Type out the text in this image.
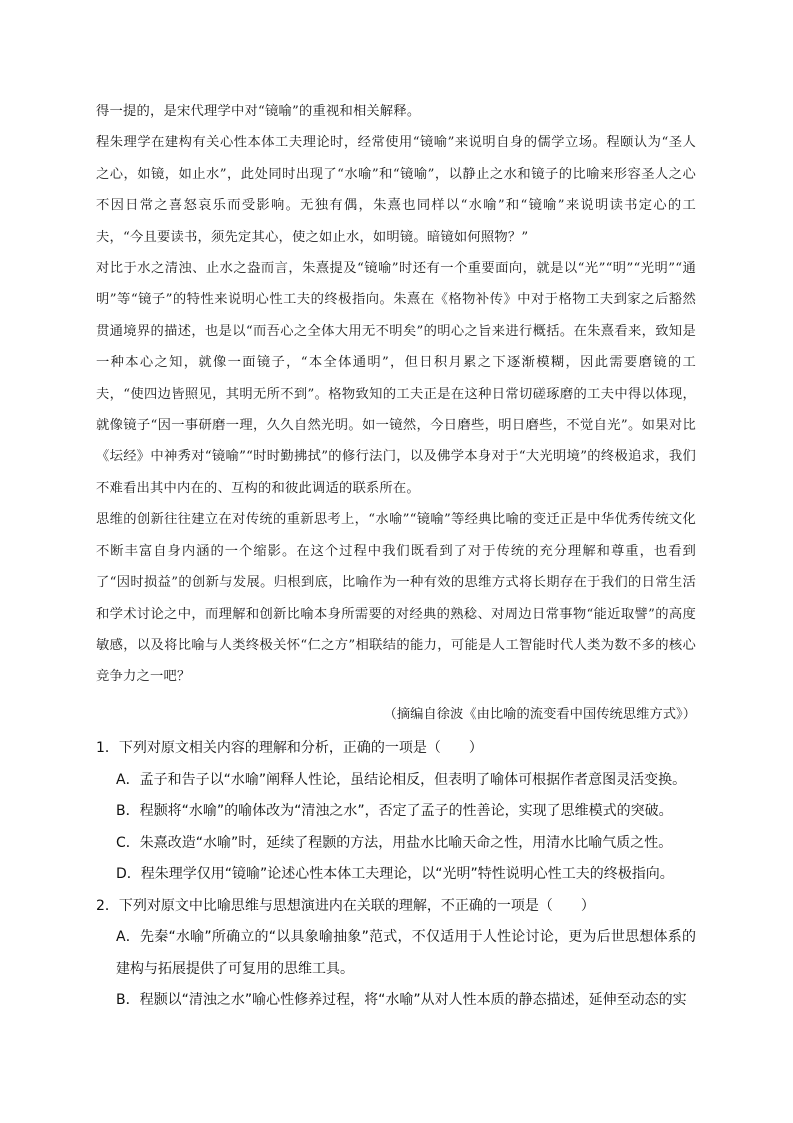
得一提的，是宋代理学中对“镜喻”的重视和相关解释。

程朱理学在建构有关心性本体工夫理论时，经常使用“镜喻”来说明自身的儒学立场。程颐认为“圣人之心，如镜，如止水”，此处同时出现了“水喻”和“镜喻”，以静止之水和镜子的比喻来形容圣人之心不因日常之喜怒哀乐而受影响。无独有偶，朱熹也同样以“水喻”和“镜喻”来说明读书定心的工夫，“今且要读书，须先定其心，使之如止水，如明镜。暗镜如何照物？”

对比于水之清浊、止水之盎而言，朱熹提及“镜喻”时还有一个重要面向，就是以“光”“明”“光明”“通明”等“镜子”的特性来说明心性工夫的终极指向。朱熹在《格物补传》中对于格物工夫到家之后豁然贯通境界的描述，也是以“而吾心之全体大用无不明矣”的明心之旨来进行概括。在朱熹看来，致知是一种本心之知，就像一面镜子，“本全体通明”，但日积月累之下逐渐模糊，因此需要磨镜的工夫，“使四边皆照见，其明无所不到”。格物致知的工夫正是在这种日常切磋琢磨的工夫中得以体现，就像镜子“因一事研磨一理，久久自然光明。如一镜然，今日磨些，明日磨些，不觉自光”。如果对比《坛经》中神秀对“镜喻”“时时勤拂拭”的修行法门，以及佛学本身对于“大光明境”的终极追求，我们不难看出其中内在的、互构的和彼此调适的联系所在。

思维的创新往往建立在对传统的重新思考上，“水喻”“镜喻”等经典比喻的变迁正是中华优秀传统文化不断丰富自身内涵的一个缩影。在这个过程中我们既看到了对于传统的充分理解和尊重，也看到了“因时损益”的创新与发展。归根到底，比喻作为一种有效的思维方式将长期存在于我们的日常生活和学术讨论之中，而理解和创新比喻本身所需要的对经典的熟稔、对周边日常事物“能近取譬”的高度敏感，以及将比喻与人类终极关怀“仁之方”相联结的能力，可能是人工智能时代人类为数不多的核心竞争力之一吧？

（摘编自徐波《由比喻的流变看中国传统思维方式》）
1．下列对原文相关内容的理解和分析，正确的一项是（　　）
A．孟子和告子以“水喻”阐释人性论，虽结论相反，但表明了喻体可根据作者意图灵活变换。
B．程颢将“水喻”的喻体改为“清浊之水”，否定了孟子的性善论，实现了思维模式的突破。
C．朱熹改造“水喻”时，延续了程颢的方法，用盐水比喻天命之性，用清水比喻气质之性。
D．程朱理学仅用“镜喻”论述心性本体工夫理论，以“光明”特性说明心性工夫的终极指向。
2．下列对原文中比喻思维与思想演进内在关联的理解，不正确的一项是（　　）
A．先秦“水喻”所确立的“以具象喻抽象”范式，不仅适用于人性论讨论，更为后世思想体系的建构与拓展提供了可复用的思维工具。
B．程颢以“清浊之水”喻心性修养过程，将“水喻”从对人性本质的静态描述，延伸至动态的实
